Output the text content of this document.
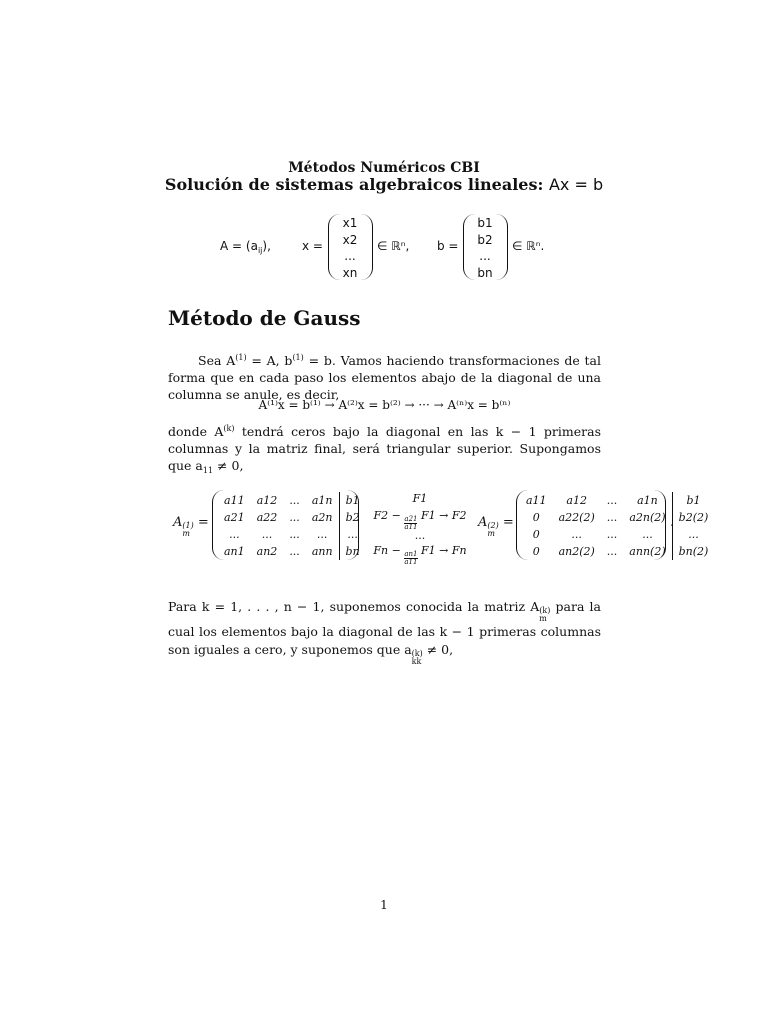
Métodos Numéricos CBI
Solución de sistemas algebraicos lineales: Ax = b
$A = (a_{ij})$,	x =
x1
x2
...
xn
∈ ℝⁿ, b =
b1
b2
...
bn
∈ ℝⁿ.
Método de Gauss
Sea $A^{(1)} = A$, $b^{(1)} = b$. Vamos haciendo transformaciones de tal forma que en cada paso los elementos abajo de la diagonal de una columna se anule, es decir,
A⁽¹⁾x = b⁽¹⁾ → A⁽²⁾x = b⁽²⁾ → ··· → A⁽ⁿ⁾x = b⁽ⁿ⁾
donde $A^{(k)}$ tendrá ceros bajo la diagonal en las k − 1 primeras columnas y la matriz final, será triangular superior. Supongamos que $a_{11} \ne 0$,
A (1)
m
=
a11	a12	...	a1n	b1
a21	a22	...	a2n	b2
...	...	...	...	...
an1	an2	...	ann	bn
F1
F2 −
$\frac{a21}{a11}$
F1 → F2
...
Fn −
$\frac{an1}{a11}$
F1 → Fn
A (2)
m
=
a11	a12	...	a1n	b1
0	a22(2)	...	a2n(2)	b2(2)
0	...	...	...	...
0	an2(2)	...	ann(2)	bn(2)
.
Para k = 1, . . . , n − 1, suponemos conocida la matriz A (k)
m
para la cual los elementos bajo la diagonal de las k − 1 primeras columnas son iguales a cero, y suponemos que a (k)
kk
≠ 0,
1
